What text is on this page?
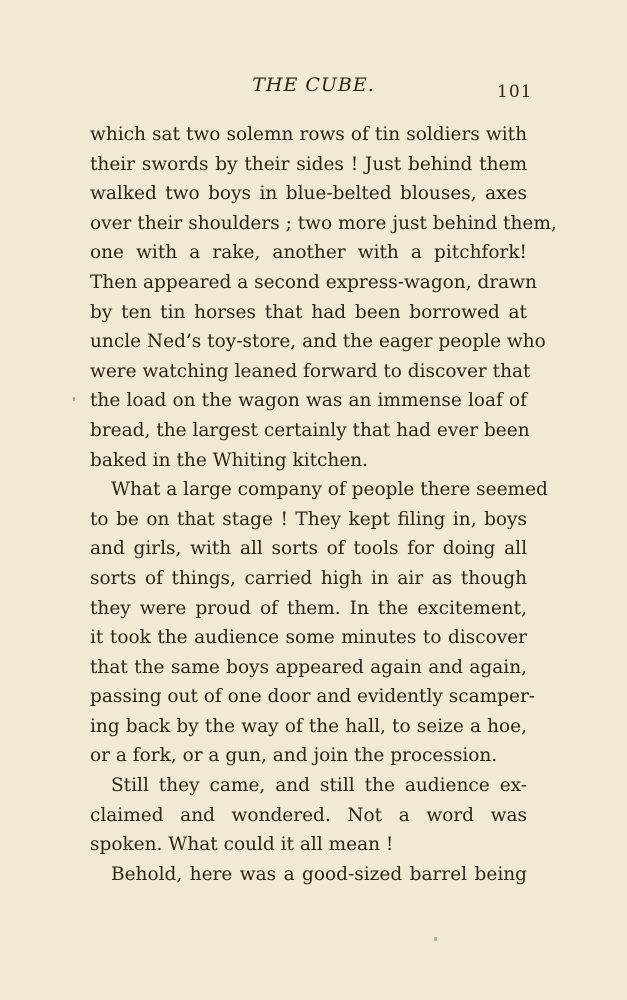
THE CUBE.	101
which sat two solemn rows of tin soldiers with
their swords by their sides ! Just behind them
walked two boys in blue-belted blouses, axes
over their shoulders ; two more just behind them,
one with a rake, another with a pitchfork!
Then appeared a second express-wagon, drawn
by ten tin horses that had been borrowed at
uncle Ned’s toy-store, and the eager people who
were watching leaned forward to discover that
the load on the wagon was an immense loaf of
bread, the largest certainly that had ever been
baked in the Whiting kitchen.
What a large company of people there seemed
to be on that stage ! They kept filing in, boys
and girls, with all sorts of tools for doing all
sorts of things, carried high in air as though
they were proud of them. In the excitement,
it took the audience some minutes to discover
that the same boys appeared again and again,
passing out of one door and evidently scamper-
ing back by the way of the hall, to seize a hoe,
or a fork, or a gun, and join the procession.
Still they came, and still the audience ex-
claimed and wondered. Not a word was
spoken. What could it all mean !
Behold, here was a good-sized barrel being
